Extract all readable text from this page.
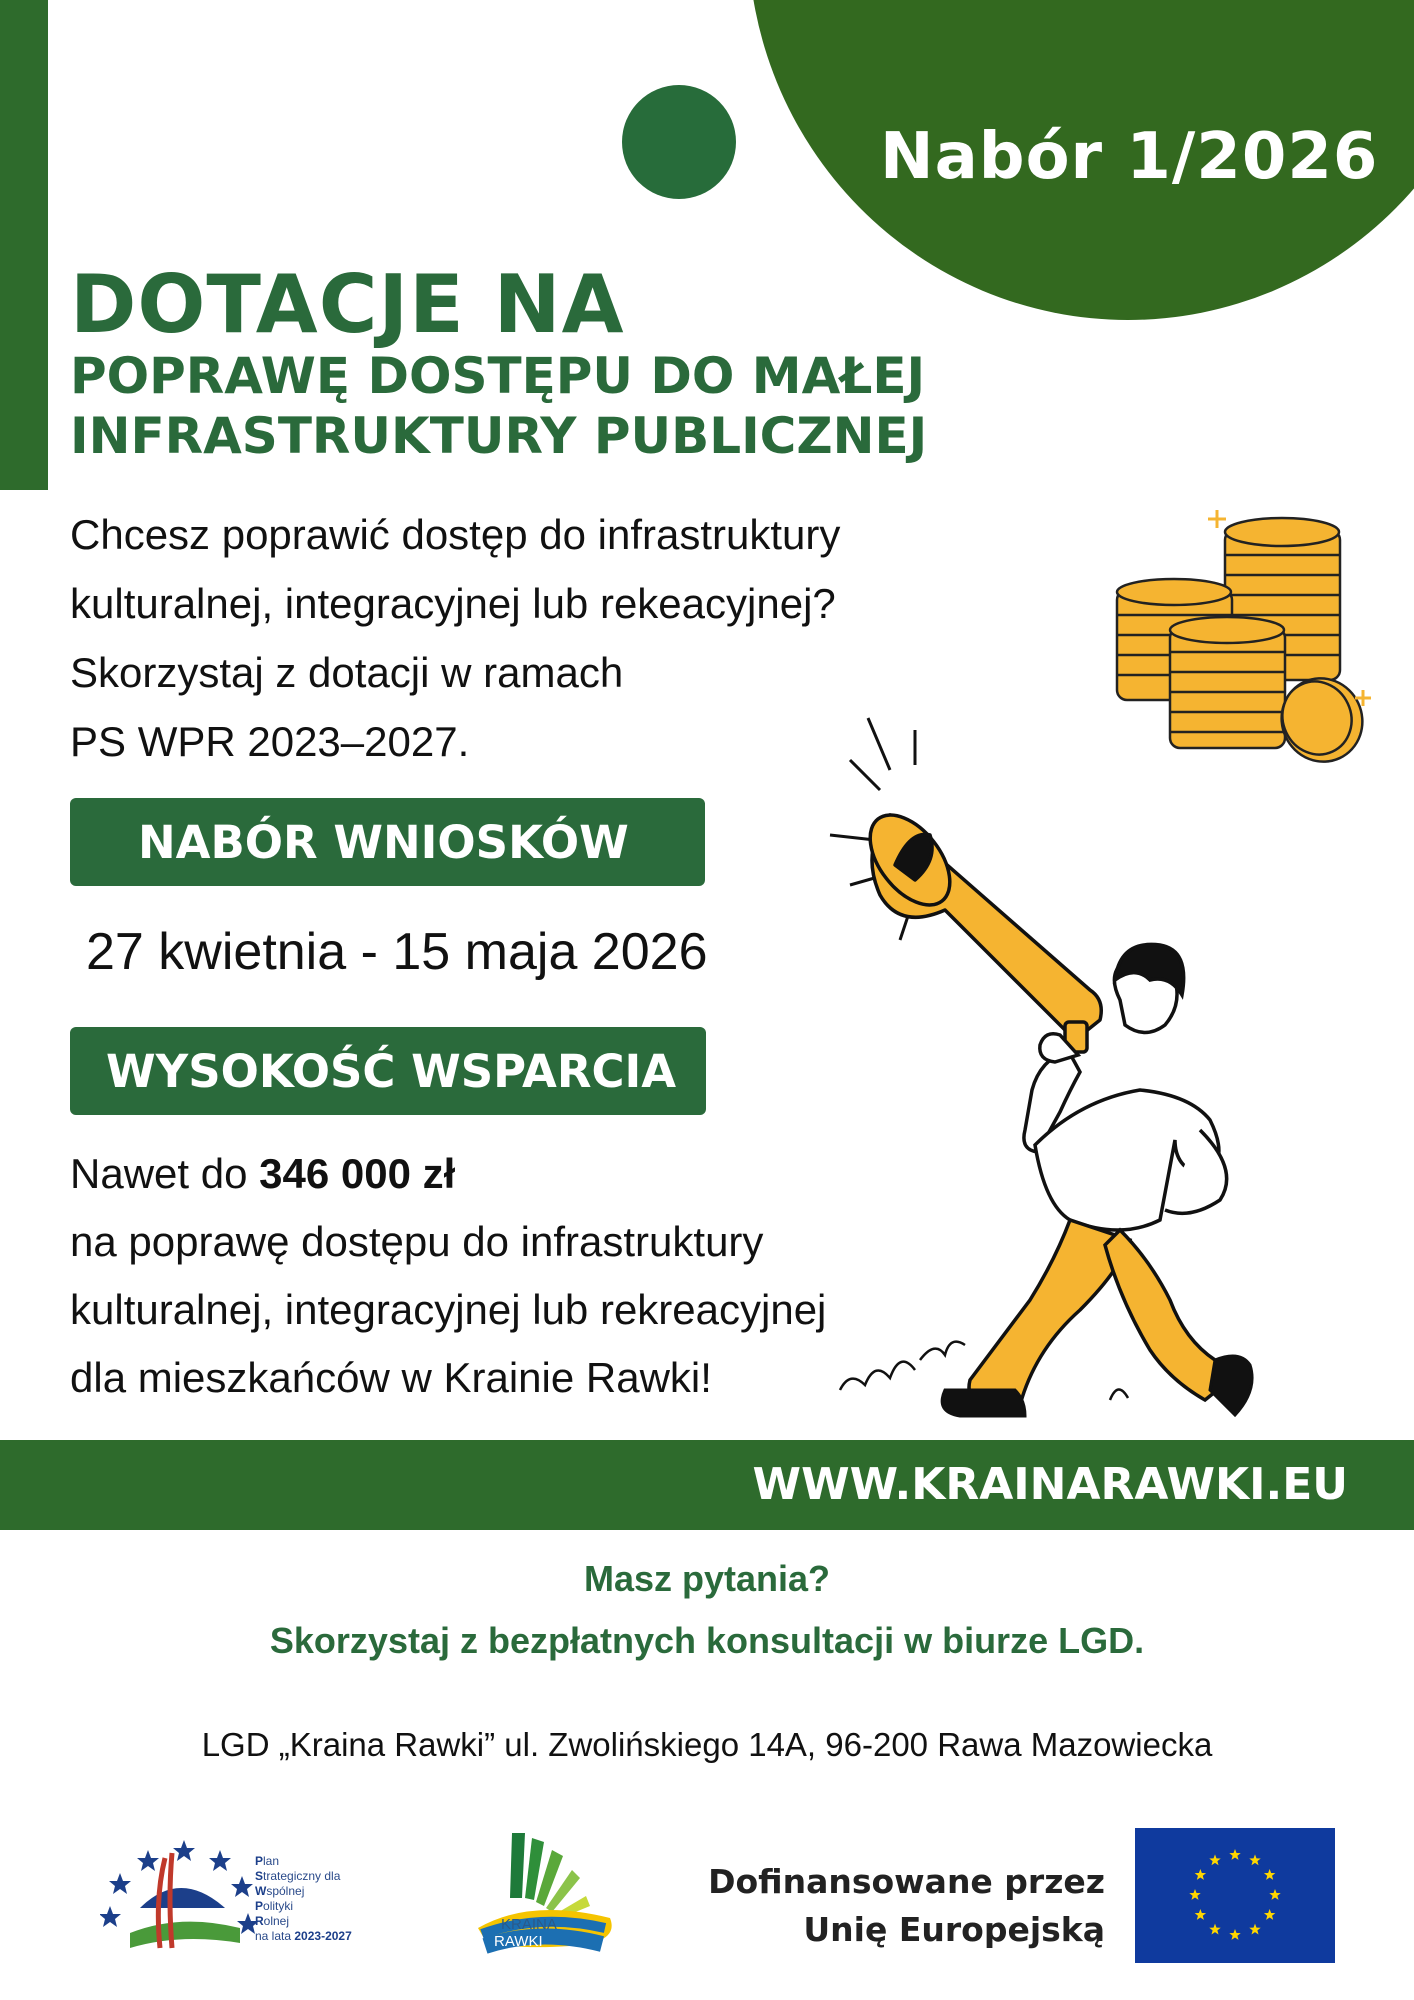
Nabór 1/2026
DOTACJE NA
POPRAWĘ DOSTĘPU DO MAŁEJ
INFRASTRUKTURY PUBLICZNEJ
Chcesz poprawić dostęp do infrastruktury
kulturalnej, integracyjnej lub rekeacyjnej?
Skorzystaj z dotacji w ramach
PS WPR 2023–2027.
NABÓR WNIOSKÓW
27 kwietnia - 15 maja 2026
WYSOKOŚĆ WSPARCIA
Nawet do 346 000 zł
na poprawę dostępu do infrastruktury
kulturalnej, integracyjnej lub rekreacyjnej
dla mieszkańców w Krainie Rawki!
WWW.KRAINARAWKI.EU
Masz pytania?
Skorzystaj z bezpłatnych konsultacji w biurze LGD.
LGD „Kraina Rawki” ul. Zwolińskiego 14A, 96-200 Rawa Mazowiecka
Plan
Strategiczny dla
Wspólnej
Polityki
Rolnej
na lata 2023-2027
KRAINA
RAWKI
Dofinansowane przez
Unię Europejską
